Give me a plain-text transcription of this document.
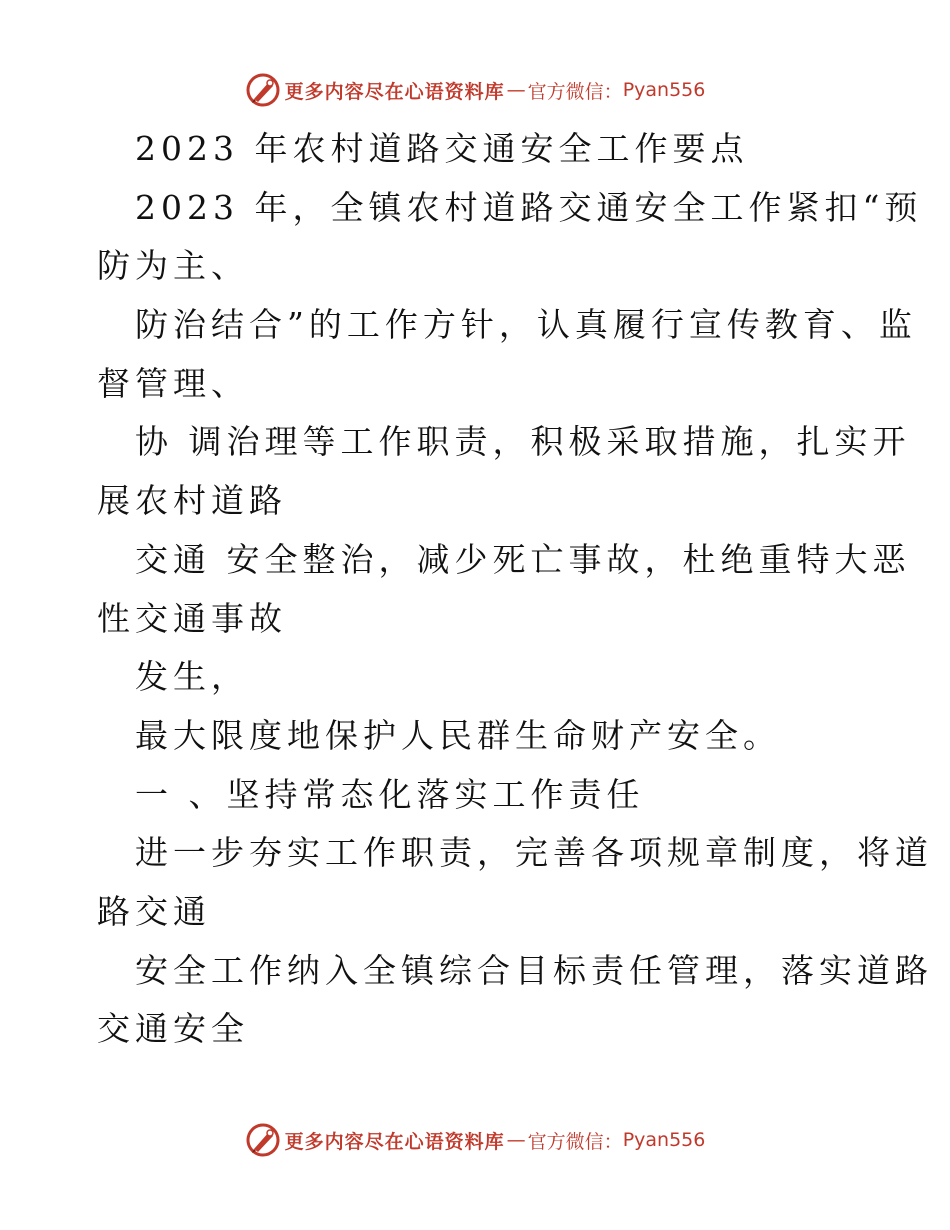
更多内容尽在心语资料库 — 官方微信： Pyan556
2023 年农村道路交通安全工作要点
2023 年，全镇农村道路交通安全工作紧扣“预
防为主、
防治结合”的工作方针，认真履行宣传教育、监
督管理、
协 调治理等工作职责，积极采取措施，扎实开
展农村道路
交通 安全整治，减少死亡事故，杜绝重特大恶
性交通事故
发生，
最大限度地保护人民群生命财产安全。
一 、坚持常态化落实工作责任
进一步夯实工作职责，完善各项规章制度，将道
路交通
安全工作纳入全镇综合目标责任管理，落实道路
交通安全
更多内容尽在心语资料库 — 官方微信： Pyan556
